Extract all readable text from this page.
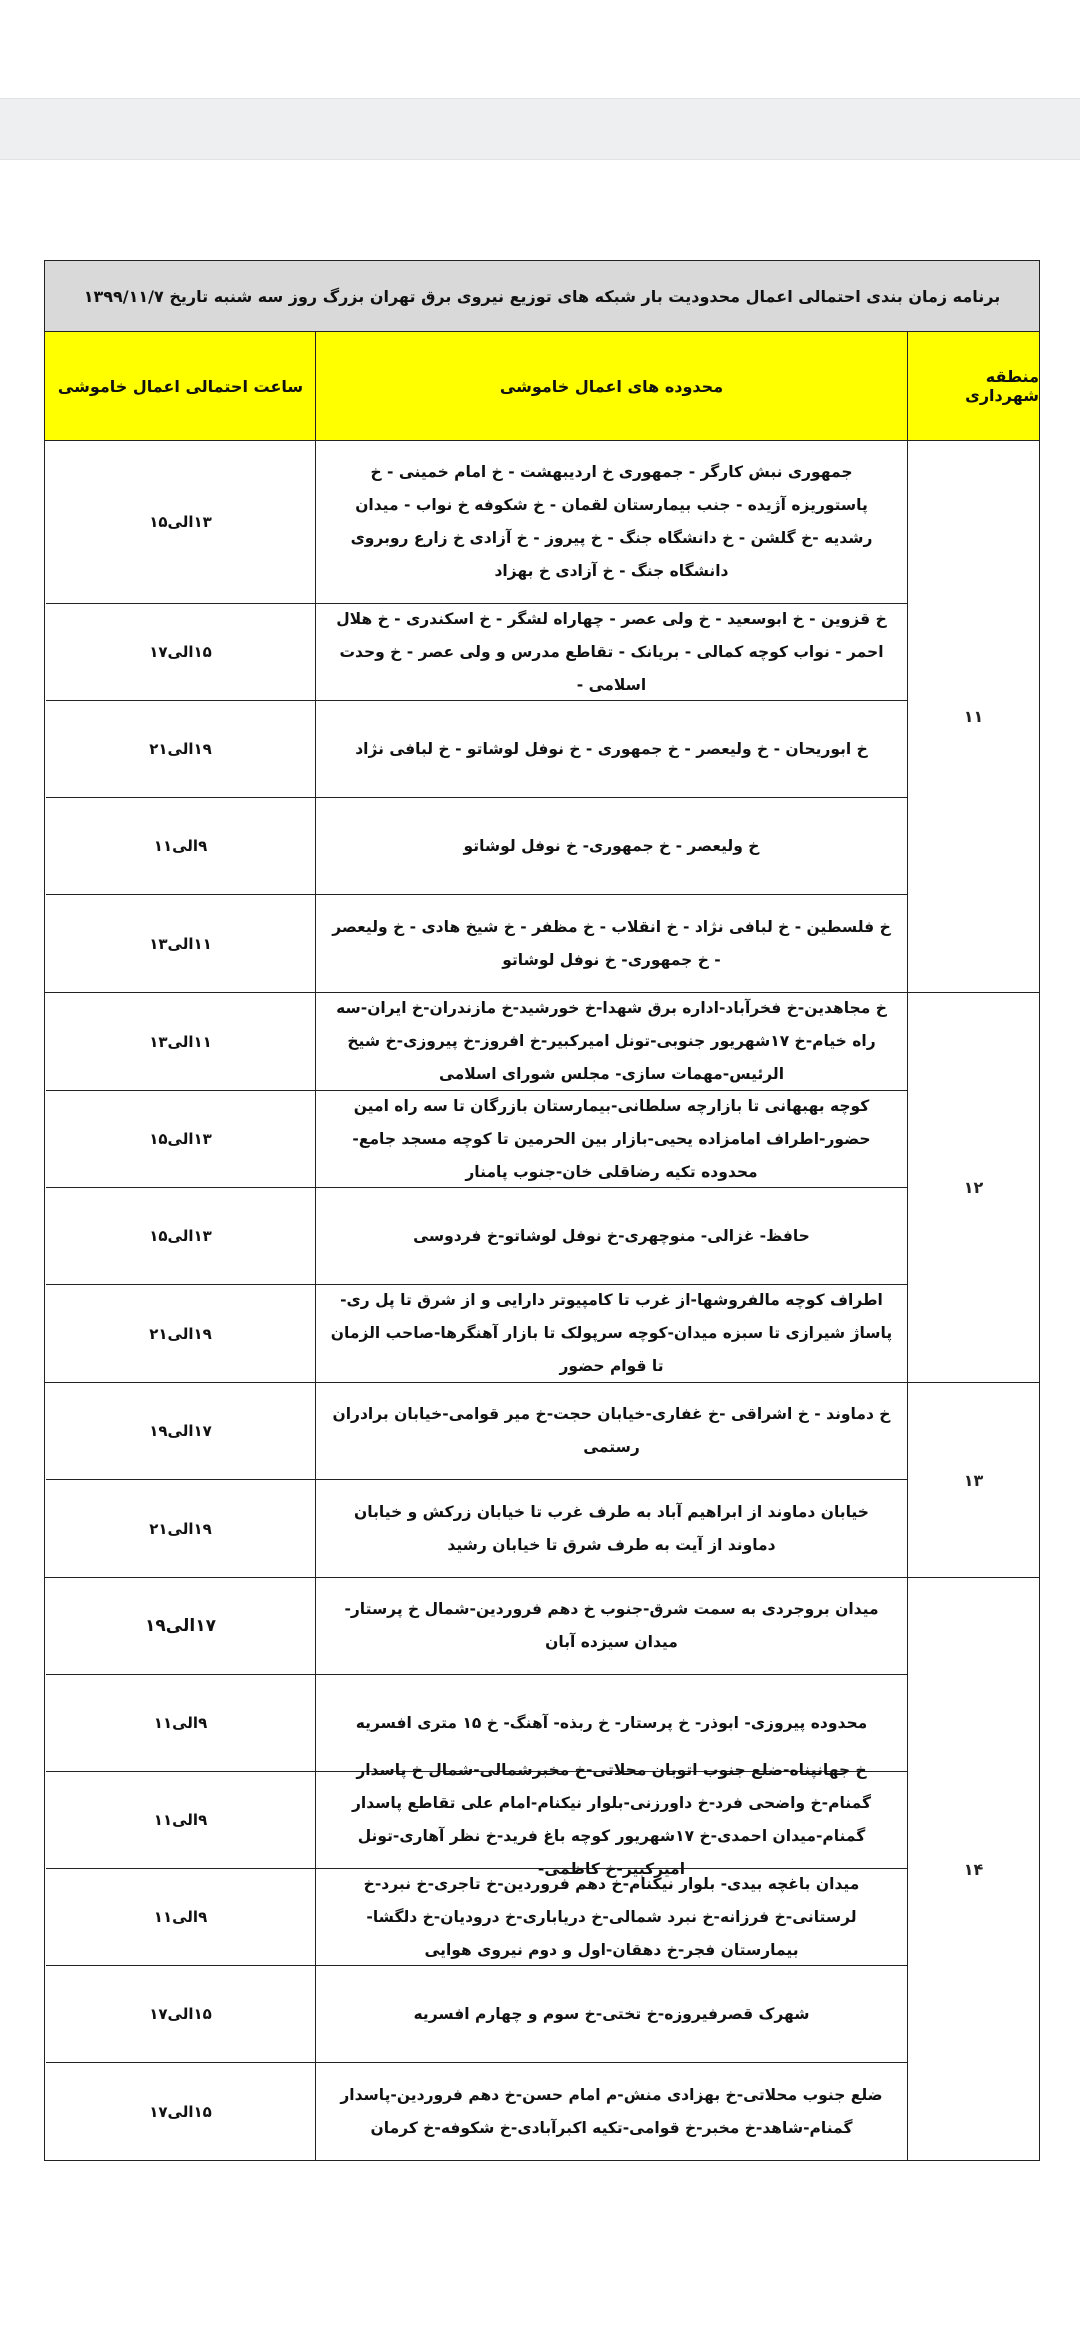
برنامه زمان بندی احتمالی اعمال محدودیت بار شبکه های توزیع نیروی برق تهران بزرگ روز سه شنبه تاریخ ۱۳۹۹/۱۱/۷
منطقه شهرداری
محدوده های اعمال خاموشی
ساعت احتمالی اعمال خاموشی
۱۱
جمهوری نبش کارگر - جمهوری خ اردیبهشت - خ امام خمینی - خ پاستوریزه آژیده - جنب بیمارستان لقمان - خ شکوفه خ نواب - میدان رشدیه -خ گلشن - خ دانشگاه جنگ - خ پیروز - خ آزادی خ زارع روبروی دانشگاه جنگ - خ آزادی خ بهزاد
۱۳الی۱۵
خ قزوین - خ ابوسعید - خ ولی عصر - چهاراه لشگر - خ اسکندری - خ هلال احمر - نواب کوچه کمالی - بریانک - تقاطع مدرس و ولی عصر - خ وحدت اسلامی -
۱۵الی۱۷
خ ابوریحان - خ ولیعصر - خ جمهوری - خ نوفل لوشاتو - خ لبافی نژاد
۱۹الی۲۱
خ ولیعصر - خ جمهوری- خ نوفل لوشاتو
۹الی۱۱
خ فلسطین - خ لبافی نژاد - خ انقلاب - خ مظفر - خ شیخ هادی - خ ولیعصر - خ جمهوری- خ نوفل لوشاتو
۱۱الی۱۳
۱۲
خ مجاهدین-خ فخرآباد-اداره برق شهدا-خ خورشید-خ مازندران-خ ایران-سه راه خیام-خ ۱۷شهریور جنوبی-تونل امیرکبیر-خ افروز-خ پیروزی-خ شیخ الرئیس-مهمات سازی- مجلس شورای اسلامی
۱۱الی۱۳
کوچه بهبهانی تا بازارچه سلطانی-بیمارستان بازرگان تا سه راه امین حضور-اطراف امامزاده یحیی-بازار بین الحرمین تا کوچه مسجد جامع-محدوده تکیه رضاقلی خان-جنوب پامنار
۱۳الی۱۵
حافظ- غزالی- منوچهری-خ نوفل لوشاتو-خ فردوسی
۱۳الی۱۵
اطراف کوچه مالفروشها-از غرب تا کامپیوتر دارایی و از شرق تا پل ری-پاساژ شیرازی تا سبزه میدان-کوچه سرپولک تا بازار آهنگرها-صاحب الزمان تا قوام حضور
۱۹الی۲۱
۱۳
خ دماوند - خ اشراقی -خ غفاری-خیابان حجت-خ میر قوامی-خیابان برادران رستمی
۱۷الی۱۹
خیابان دماوند از ابراهیم آباد به طرف غرب تا خیابان زرکش و خیابان دماوند از آیت به طرف شرق تا خیابان رشید
۱۹الی۲۱
۱۴
میدان بروجردی به سمت شرق-جنوب خ دهم فروردین-شمال خ پرستار-میدان سیزده آبان
۱۷الی۱۹
محدوده پیروزی- ابوذر- خ پرستار- خ ربذه- آهنگ- خ ۱۵ متری افسریه
۹الی۱۱
خ جهانپناه-ضلع جنوب اتوبان محلاتی-خ مخبرشمالی-شمال خ پاسدار گمنام-خ واضحی فرد-خ داورزنی-بلوار نیکنام-امام علی تقاطع پاسدار گمنام-میدان احمدی-خ ۱۷شهریور کوچه باغ فرید-خ نظر آهاری-تونل امیرکبیر-خ کاظمی-
۹الی۱۱
میدان باغچه بیدی- بلوار نیکنام-خ دهم فروردین-خ تاجری-خ نبرد-خ لرستانی-خ فرزانه-خ نبرد شمالی-خ دریاباری-خ درودیان-خ دلگشا-بیمارستان فجر-خ دهقان-اول و دوم نیروی هوایی
۹الی۱۱
شهرک قصرفیروزه-خ تختی-خ سوم و چهارم افسریه
۱۵الی۱۷
ضلع جنوب محلاتی-خ بهزادی منش-م امام حسن-خ دهم فروردین-پاسدار گمنام-شاهد-خ مخبر-خ قوامی-تکیه اکبرآبادی-خ شکوفه-خ کرمان
۱۵الی۱۷
